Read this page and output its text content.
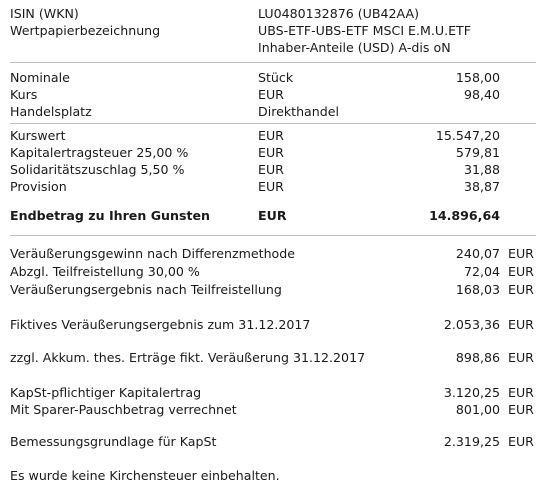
ISIN (WKN)	LU0480132876 (UB42AA)
Wertpapierbezeichnung	UBS-ETF-UBS-ETF MSCI E.M.U.ETF
Inhaber-Anteile (USD) A-dis oN
Nominale	Stück	158,00
Kurs	EUR	98,40
Handelsplatz	Direkthandel
Kurswert	EUR	15.547,20
Kapitalertragsteuer 25,00 %	EUR	579,81
Solidaritätszuschlag 5,50 %	EUR	31,88
Provision	EUR	38,87
Endbetrag zu Ihren Gunsten	EUR	14.896,64
Veräußerungsgewinn nach Differenzmethode	240,07 EUR
Abzgl. Teilfreistellung 30,00 %	72,04 EUR
Veräußerungsergebnis nach Teilfreistellung	168,03 EUR
Fiktives Veräußerungsergebnis zum 31.12.2017	2.053,36 EUR
zzgl. Akkum. thes. Erträge fikt. Veräußerung 31.12.2017	898,86 EUR
KapSt-pflichtiger Kapitalertrag	3.120,25 EUR
Mit Sparer-Pauschbetrag verrechnet	801,00 EUR
Bemessungsgrundlage für KapSt	2.319,25 EUR
Es wurde keine Kirchensteuer einbehalten.
